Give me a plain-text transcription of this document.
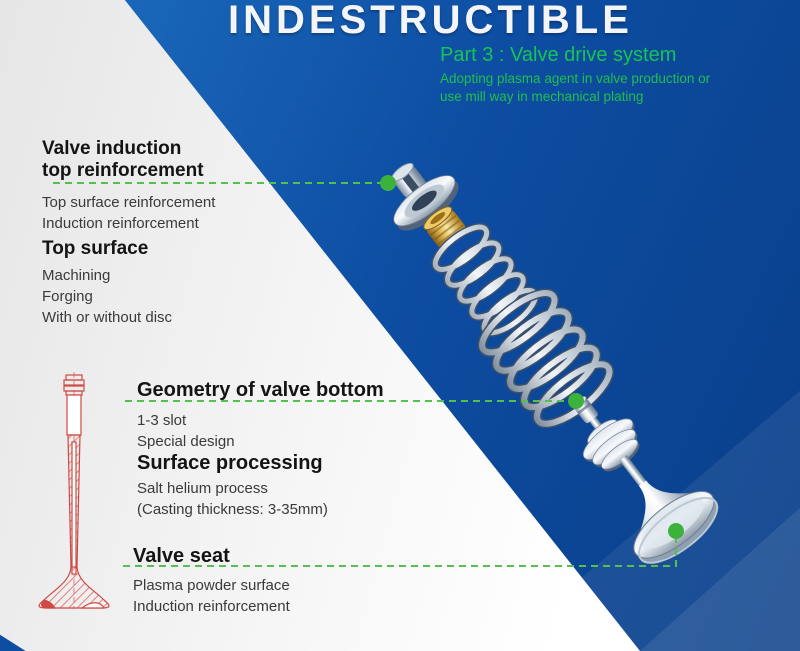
INDESTRUCTIBLE
Part 3 : Valve drive system
Adopting plasma agent in valve production or
use mill way in mechanical plating
Valve induction
top reinforcement
Top surface reinforcement
Induction reinforcement
Top surface
Machining
Forging
With or without disc
Geometry of valve bottom
1-3 slot
Special design
Surface processing
Salt helium process
(Casting thickness: 3-35mm)
Valve seat
Plasma powder surface
Induction reinforcement
